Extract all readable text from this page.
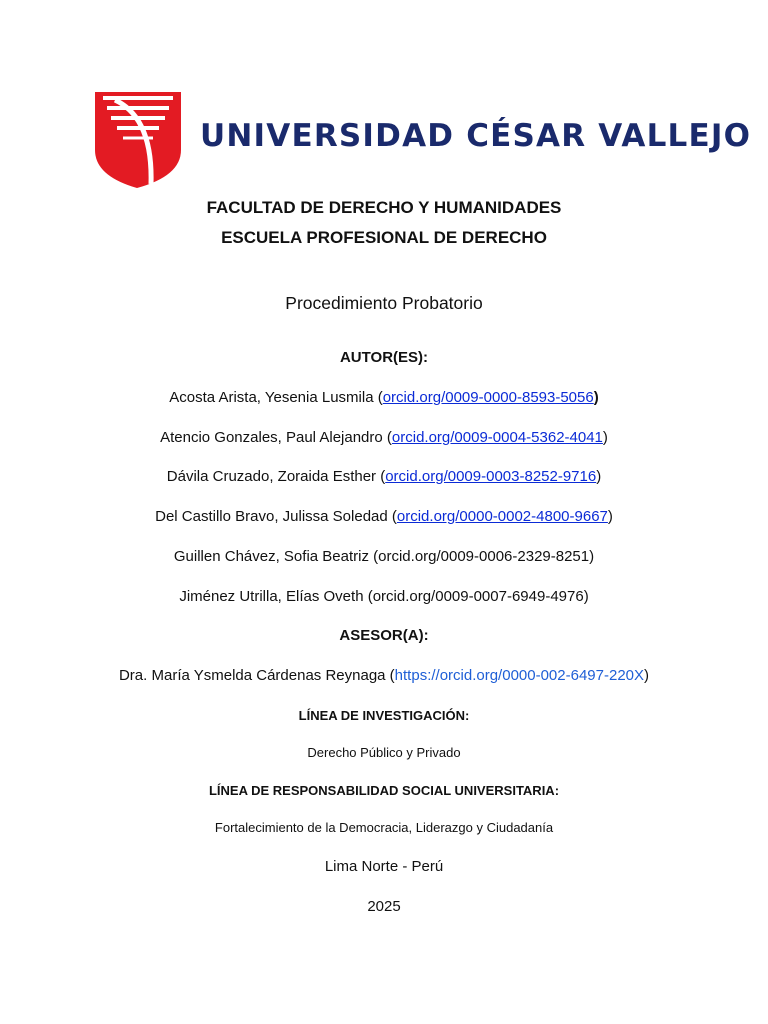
UNIVERSIDAD CÉSAR VALLEJO
FACULTAD DE DERECHO Y HUMANIDADES
ESCUELA PROFESIONAL DE DERECHO
Procedimiento Probatorio
AUTOR(ES):
Acosta Arista, Yesenia Lusmila (orcid.org/0009-0000-8593-5056)
Atencio Gonzales, Paul Alejandro (orcid.org/0009-0004-5362-4041)
Dávila Cruzado, Zoraida Esther (orcid.org/0009-0003-8252-9716)
Del Castillo Bravo, Julissa Soledad (orcid.org/0000-0002-4800-9667)
Guillen Chávez, Sofia Beatriz (orcid.org/0009-0006-2329-8251)
Jiménez Utrilla, Elías Oveth (orcid.org/0009-0007-6949-4976)
ASESOR(A):
Dra. María Ysmelda Cárdenas Reynaga (https://orcid.org/0000-002-6497-220X)
LÍNEA DE INVESTIGACIÓN:
Derecho Público y Privado
LÍNEA DE RESPONSABILIDAD SOCIAL UNIVERSITARIA:
Fortalecimiento de la Democracia, Liderazgo y Ciudadanía
Lima Norte - Perú
2025
